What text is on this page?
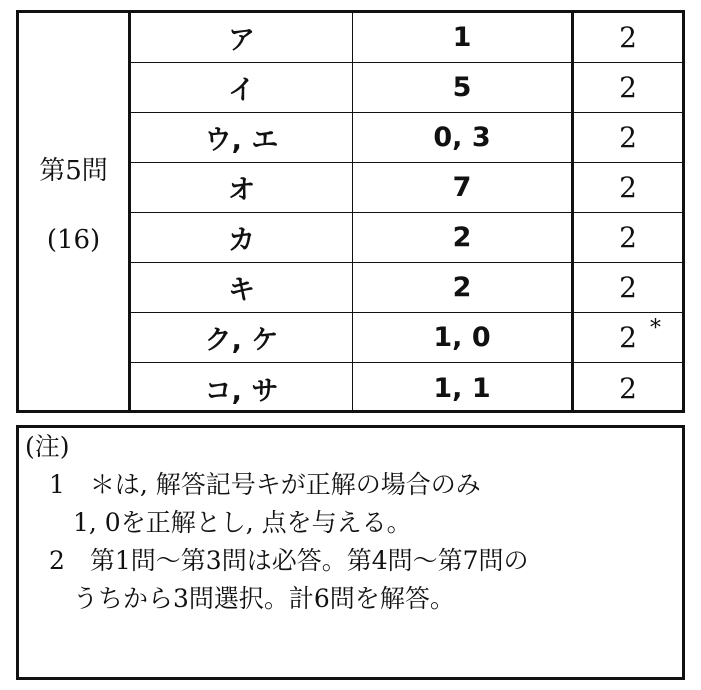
第5問
(16)
ア	1	2
イ	5	2
ウ, エ	0, 3	2
オ	7	2
カ	2	2
キ	2	2
ク, ケ	1, 0	2 *
コ, サ	1, 1	2
(注)
1　＊は, 解答記号キが正解の場合のみ
1, 0を正解とし, 点を与える。
2　第1問〜第3問は必答。第4問〜第7問の
うちから3問選択。計6問を解答。
